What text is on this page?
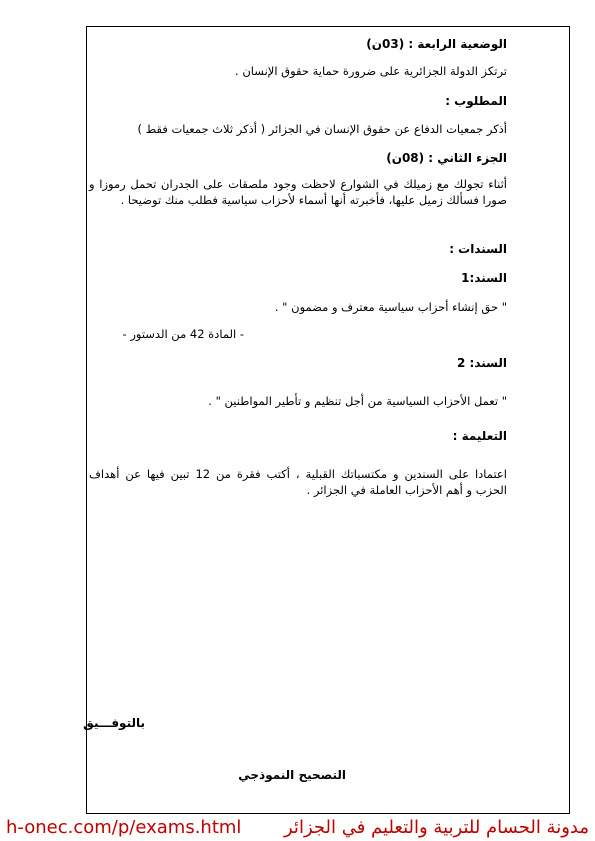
الوضعية الرابعة : (03ن)
ترتكز الدولة الجزائرية على ضرورة حماية حقوق الإنسان .
المطلوب :
أذكر جمعيات الدفاع عن حقوق الإنسان في الجزائر ( أذكر ثلاث جمعيات فقط )
الجزء الثاني : (08ن)
أثناء تجولك مع زميلك في الشوارع لاحظت وجود ملصقات على الجدران تحمل رموزا و صورا فسألك زميل عليها، فأخبرته أنها أسماء لأحزاب سياسية فطلب منك توضيحا .
السندات :
السند:1
" حق إنشاء أحزاب سياسية معترف و مضمون " .
- المادة 42 من الدستور -
السند: 2
" تعمل الأحزاب السياسية من أجل تنظيم و تأطير المواطنين " .
التعليمة :
اعتمادا على السندين و مكتسباتك القبلية ، أكتب فقرة من 12 تبين فيها عن أهداف الحزب و أهم الأحزاب العاملة في الجزائر .
بالتوفـــيق
التصحيح النموذجي
h-onec.com/p/exams.html مدونة الحسام للتربية والتعليم في الجزائر
